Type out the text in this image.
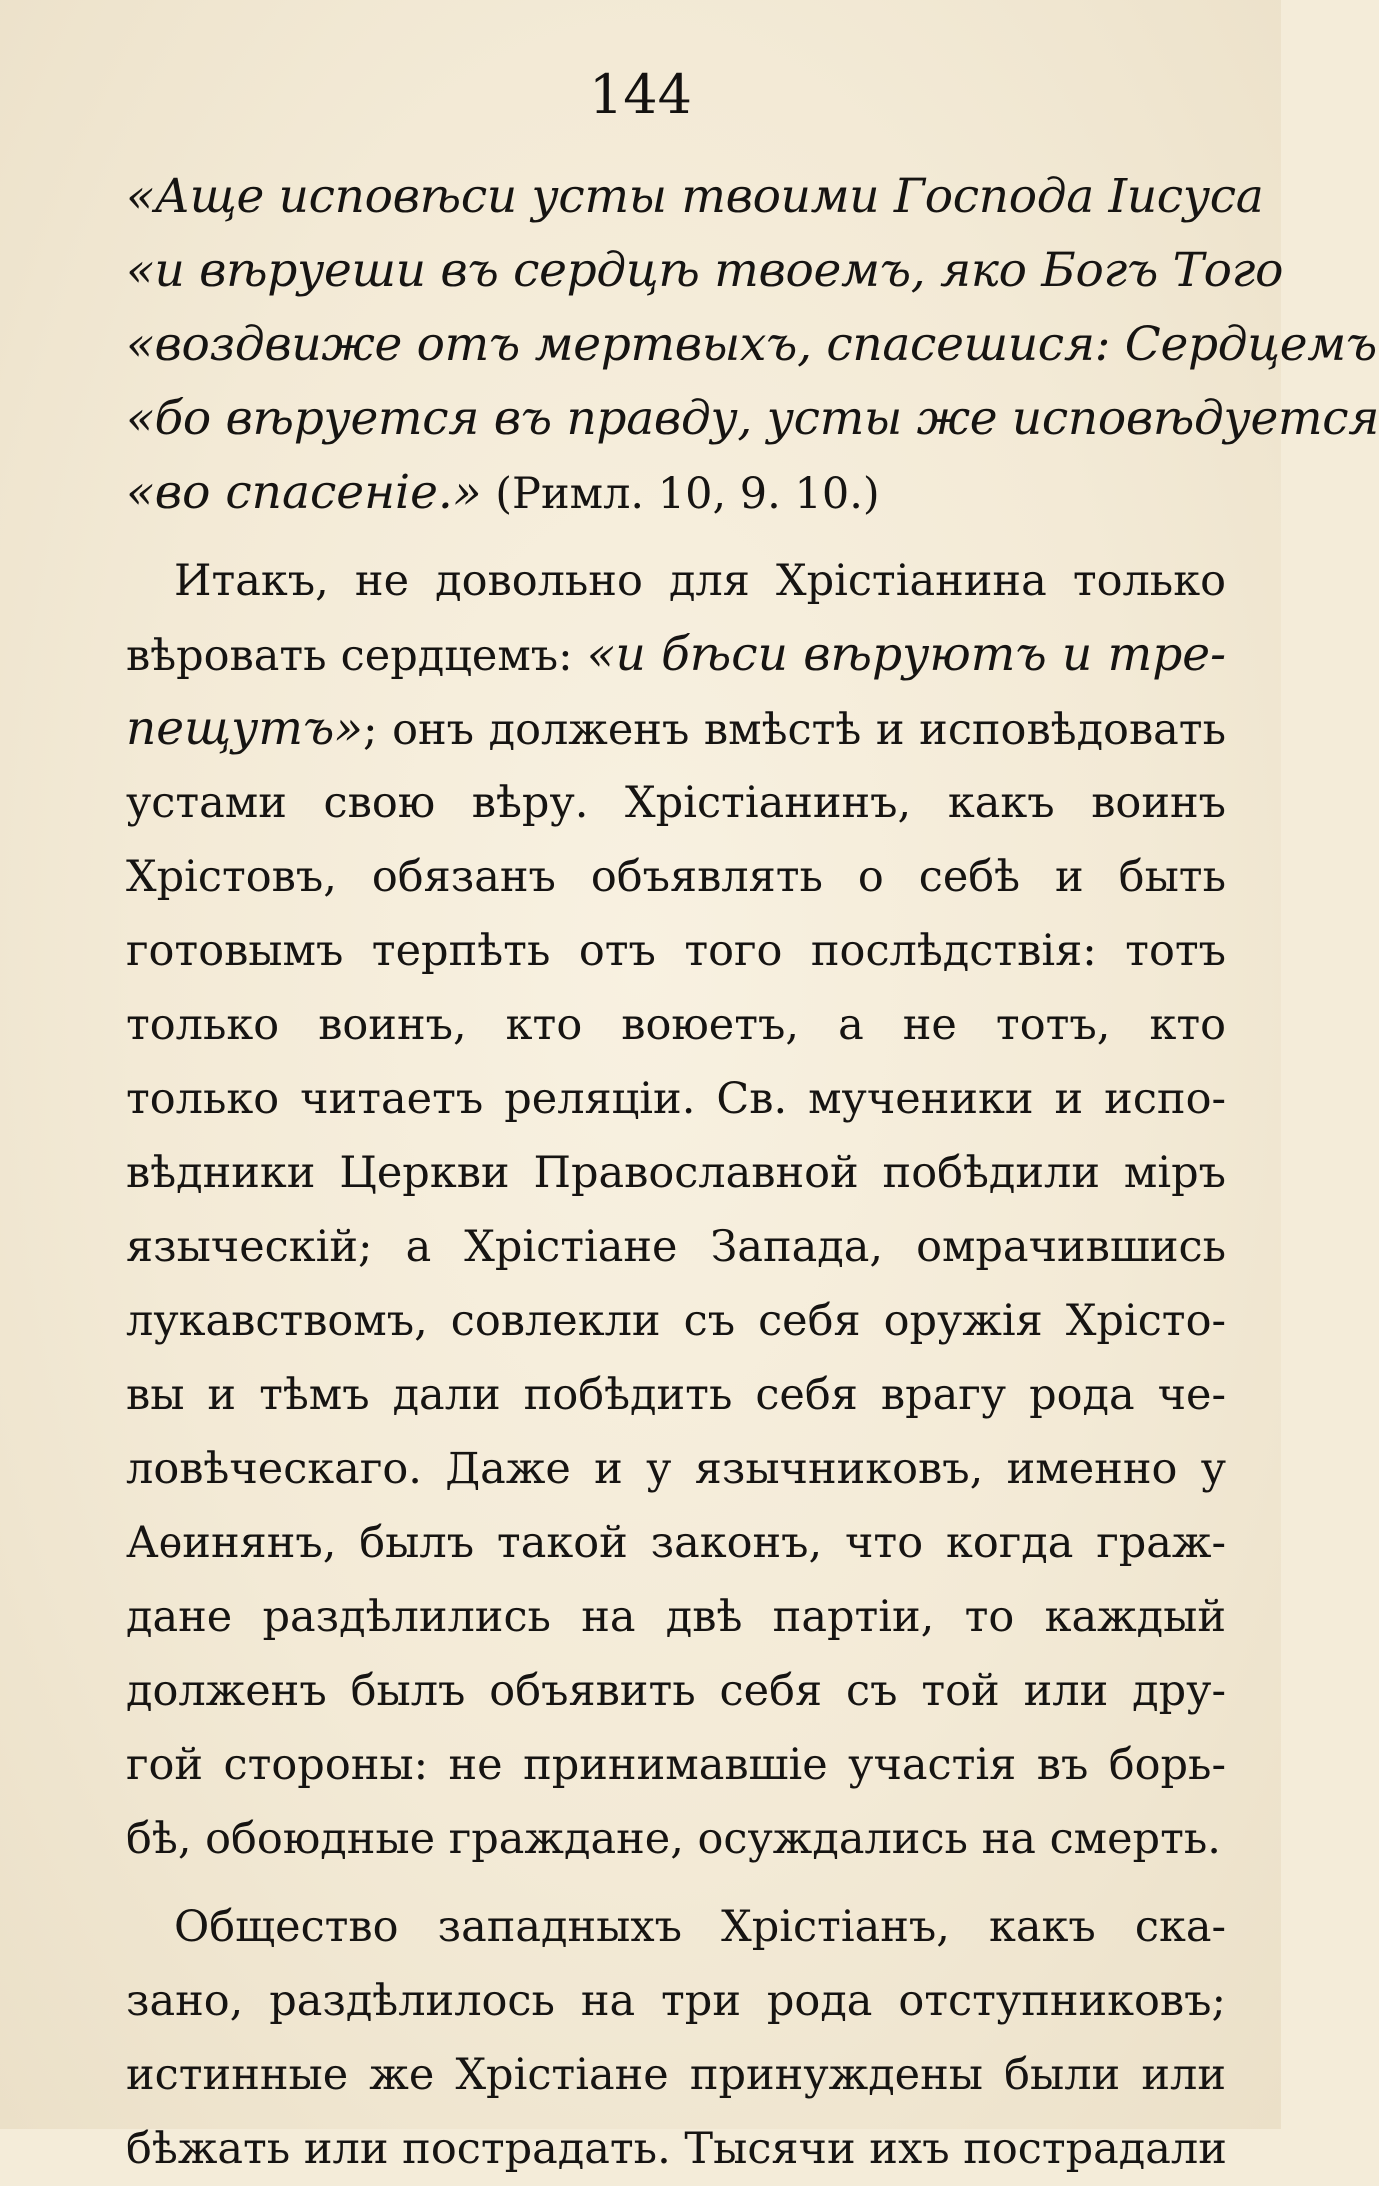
144
«Аще исповѣси усты твоими Господа Іисуса
«и вѣруеши въ сердцѣ твоемъ, яко Богъ Того
«воздвиже отъ мертвыхъ, спасешися: Сердцемъ
«бо вѣруется въ правду, усты же исповѣдуется
«во спасеніе.» (Римл. 10, 9. 10.)
Итакъ, не довольно для Хрістіанина только
вѣровать сердцемъ: «и бѣси вѣруютъ и тре-
пещутъ»; онъ долженъ вмѣстѣ и исповѣдовать
устами свою вѣру. Хрістіанинъ, какъ воинъ
Хрістовъ, обязанъ объявлять о себѣ и быть
готовымъ терпѣть отъ того послѣдствія: тотъ
только воинъ, кто воюетъ, а не тотъ, кто
только читаетъ реляціи. Св. мученики и испо-
вѣдники Церкви Православной побѣдили міръ
языческій; а Хрістіане Запада, омрачившись
лукавствомъ, совлекли съ себя оружія Хрісто-
вы и тѣмъ дали побѣдить себя врагу рода че-
ловѣческаго. Даже и у язычниковъ, именно у
Аѳинянъ, былъ такой законъ, что когда граж-
дане раздѣлились на двѣ партіи, то каждый
долженъ былъ объявить себя съ той или дру-
гой стороны: не принимавшіе участія въ борь-
бѣ, обоюдные граждане, осуждались на смерть.
Общество западныхъ Хрістіанъ, какъ ска-
зано, раздѣлилось на три рода отступниковъ;
истинные же Хрістіане принуждены были или
бѣжать или пострадать. Тысячи ихъ пострадали
